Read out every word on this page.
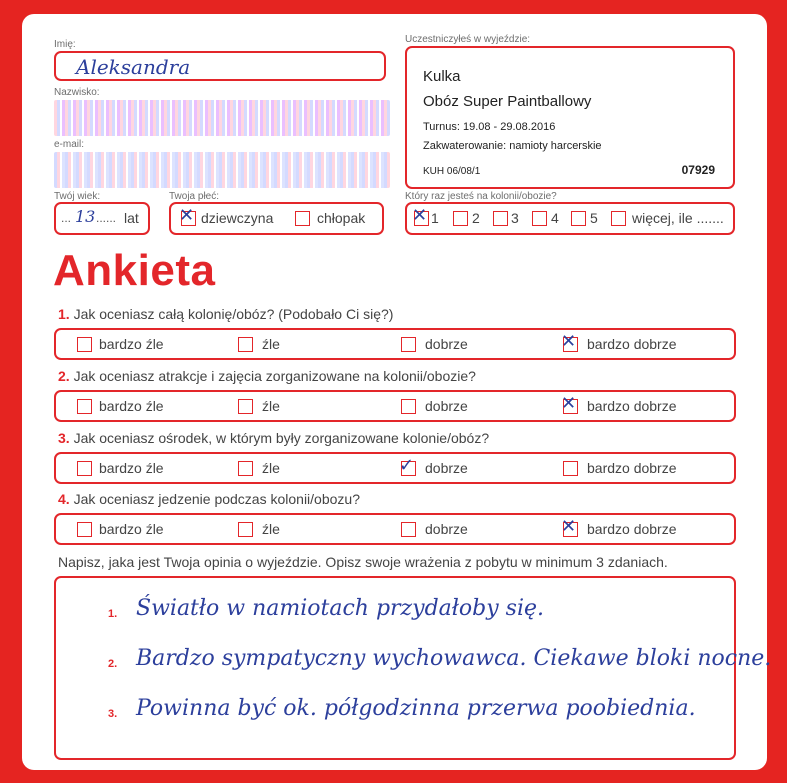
Imię:
Aleksandra
Nazwisko:
e-mail:
Twój wiek:
... 13 ...... lat
Twoja płeć:
✕ dziewczyna	chłopak
Uczestniczyłeś w wyjeździe:
Kulka
Obóz Super Paintballowy
Turnus: 19.08 - 29.08.2016
Zakwaterowanie: namioty harcerskie
KUH 06/08/1	07929
Który raz jesteś na kolonii/obozie?
✕ 1 2 3 4 5 więcej, ile .......
Ankieta
1. Jak oceniasz całą kolonię/obóz? (Podobało Ci się?)
bardzo źle	źle	dobrze	✕ bardzo dobrze
2. Jak oceniasz atrakcje i zajęcia zorganizowane na kolonii/obozie?
bardzo źle	źle	dobrze	✕ bardzo dobrze
3. Jak oceniasz ośrodek, w którym były zorganizowane kolonie/obóz?
bardzo źle	źle	✓ dobrze	bardzo dobrze
4. Jak oceniasz jedzenie podczas kolonii/obozu?
bardzo źle	źle	dobrze	✕ bardzo dobrze
Napisz, jaka jest Twoja opinia o wyjeździe. Opisz swoje wrażenia z pobytu w minimum 3 zdaniach.
1. Światło w namiotach przydałoby się.
2. Bardzo sympatyczny wychowawca. Ciekawe bloki nocne.
3. Powinna być ok. półgodzinna przerwa poobiednia.
